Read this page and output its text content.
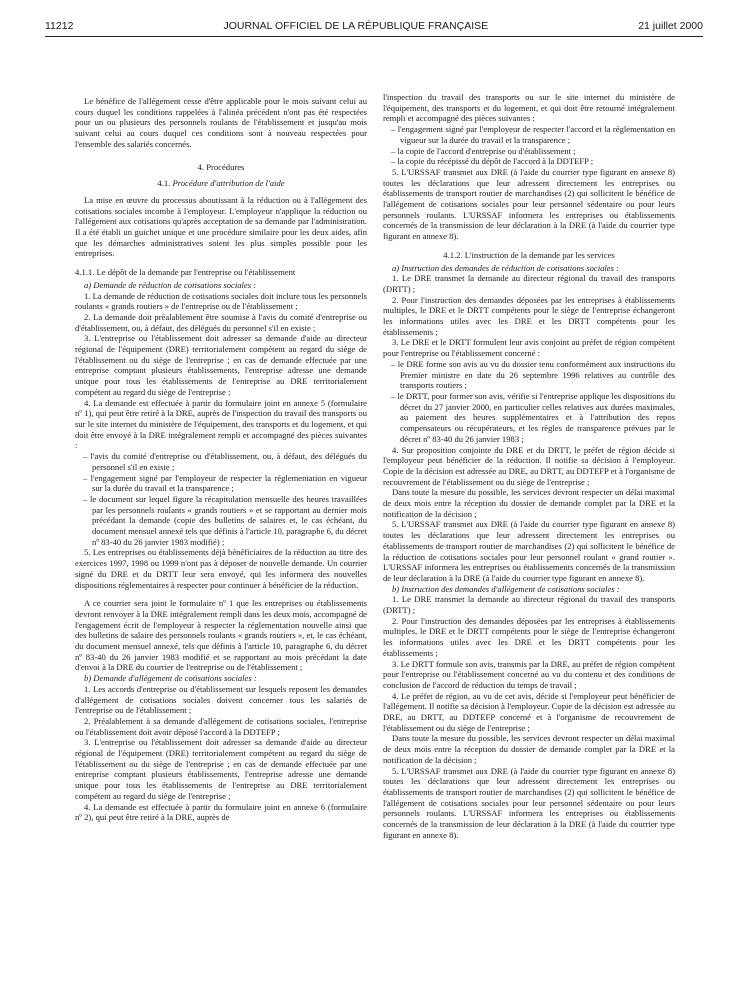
11212	JOURNAL OFFICIEL DE LA RÉPUBLIQUE FRANÇAISE	21 juillet 2000

Le bénéfice de l'allégement cesse d'être applicable pour le mois suivant celui au cours duquel les conditions rappelées à l'alinéa précédent n'ont pas été respectées pour un ou plusieurs des personnels roulants de l'établissement et jusqu'au mois suivant celui au cours duquel ces conditions sont à nouveau respectées pour l'ensemble des salariés concernés.

4. Procédures

4.1. Procédure d'attribution de l'aide

La mise en œuvre du processus aboutissant à la réduction ou à l'allégement des cotisations sociales incombe à l'employeur. L'employeur n'applique la réduction ou l'allégement aux cotisations qu'après acceptation de sa demande par l'administration. Il a été établi un guichet unique et une procédure similaire pour les deux aides, afin que les démarches administratives soient les plus simples possible pour les entreprises.

4.1.1. Le dépôt de la demande par l'entreprise ou l'établissement

a) Demande de réduction de cotisations sociales :

1. La demande de réduction de cotisations sociales doit inclure tous les personnels roulants « grands routiers » de l'entreprise ou de l'établissement ;

2. La demande doit préalablement être soumise à l'avis du comité d'entreprise ou d'établissement, ou, à défaut, des délégués du personnel s'il en existe ;

3. L'entreprise ou l'établissement doit adresser sa demande d'aide au directeur régional de l'équipement (DRE) territorialement compétent au regard du siège de l'établissement ou du siège de l'entreprise ; en cas de demande effectuée par une entreprise comptant plusieurs établissements, l'entreprise adresse une demande unique pour tous les établissements de l'entreprise au DRE territorialement compétent au regard du siège de l'entreprise ;

4. La demande est effectuée à partir du formulaire joint en annexe 5 (formulaire nº 1), qui peut être retiré à la DRE, auprès de l'inspection du travail des transports ou sur le site internet du ministère de l'équipement, des transports et du logement, et qui doit être envoyé à la DRE intégralement rempli et accompagné des pièces suivantes :

– l'avis du comité d'entreprise ou d'établissement, ou, à défaut, des délégués du personnel s'il en existe ;
– l'engagement signé par l'employeur de respecter la réglementation en vigueur sur la durée du travail et la transparence ;
– le document sur lequel figure la récapitulation mensuelle des heures travaillées par les personnels roulants « grands routiers » et se rapportant au dernier mois précédant la demande (copie des bulletins de salaires et, le cas échéant, du document mensuel annexé tels que définis à l'article 10, paragraphe 6, du décret nº 83-40 du 26 janvier 1983 modifié) ;

5. Les entreprises ou établissements déjà bénéficiaires de la réduction au titre des exercices 1997, 1998 ou 1999 n'ont pas à déposer de nouvelle demande. Un courrier signé du DRE et du DRTT leur sera envoyé, qui les informera des nouvelles dispositions réglementaires à respecter pour continuer à bénéficier de la réduction.

A ce courrier sera joint le formulaire nº 1 que les entreprises ou établissements devront renvoyer à la DRE intégralement rempli dans les deux mois, accompagné de l'engagement écrit de l'employeur à respecter la réglementation nouvelle ainsi que des bulletins de salaire des personnels roulants « grands routiers », et, le cas échéant, du document mensuel annexé, tels que définis à l'article 10, paragraphe 6, du décret nº 83-40 du 26 janvier 1983 modifié et se rapportant au mois précédant la date d'envoi à la DRE du courrier de l'entreprise ou de l'établissement ;

b) Demande d'allégement de cotisations sociales :

1. Les accords d'entreprise ou d'établissement sur lesquels reposent les demandes d'allégement de cotisations sociales doivent concerner tous les salariés de l'entreprise ou de l'établissement ;

2. Préalablement à sa demande d'allégement de cotisations sociales, l'entreprise ou l'établissement doit avoir déposé l'accord à la DDTEFP ;

3. L'entreprise ou l'établissement doit adresser sa demande d'aide au directeur régional de l'équipement (DRE) territorialement compétent au regard du siège de l'établissement ou du siège de l'entreprise ; en cas de demande effectuée par une entreprise comptant plusieurs établissements, l'entreprise adresse une demande unique pour tous les établissements de l'entreprise au DRE territorialement compétent au regard du siège de l'entreprise ;

4. La demande est effectuée à partir du formulaire joint en annexe 6 (formulaire nº 2), qui peut être retiré à la DRE, auprès de

l'inspection du travail des transports ou sur le site internet du ministère de l'équipement, des transports et du logement, et qui doit être retourné intégralement rempli et accompagné des pièces suivantes :

– l'engagement signé par l'employeur de respecter l'accord et la réglementation en vigueur sur la durée du travail et la transparence ;
– la copie de l'accord d'entreprise ou d'établissement ;
– la copie du récépissé du dépôt de l'accord à la DDTEFP ;

5. L'URSSAF transmet aux DRE (à l'aide du courrier type figurant en annexe 8) toutes les déclarations que leur adressent directement les entreprises ou établissements de transport routier de marchandises (2) qui sollicitent le bénéfice de l'allégement de cotisations sociales pour leur personnel sédentaire ou pour leurs personnels roulants. L'URSSAF informera les entreprises ou établissements concernés de la transmission de leur déclaration à la DRE (à l'aide du courrier type figurant en annexe 8).

4.1.2. L'instruction de la demande par les services

a) Instruction des demandes de réduction de cotisations sociales :

1. Le DRE transmet la demande au directeur régional du travail des transports (DRTT) ;

2. Pour l'instruction des demandes déposées par les entreprises à établissements multiples, le DRE et le DRTT compétents pour le siège de l'entreprise échangeront les informations utiles avec les DRE et les DRTT compétents pour les établissements ;

3. Le DRE et le DRTT formulent leur avis conjoint au préfet de région compétent pour l'entreprise ou l'établissement concerné :

– le DRE forme son avis au vu du dossier tenu conformément aux instructions du Premier ministre en date du 26 septembre 1996 relatives au contrôle des transports routiers ;
– le DRTT, pour former son avis, vérifie si l'entreprise applique les dispositions du décret du 27 janvier 2000, en particulier celles relatives aux durées maximales, au paiement des heures supplémentaires et à l'attribution des repos compensateurs ou récupérateurs, et les règles de transparence prévues par le décret nº 83-40 du 26 janvier 1983 ;

4. Sur proposition conjointe du DRE et du DRTT, le préfet de région décide si l'employeur peut bénéficier de la réduction. Il notifie sa décision à l'employeur. Copie de la décision est adressée au DRE, au DRTT, au DDTEFP et à l'organisme de recouvrement de l'établissement ou du siège de l'entreprise ;

Dans toute la mesure du possible, les services devront respecter un délai maximal de deux mois entre la réception du dossier de demande complet par la DRE et la notification de la décision ;

5. L'URSSAF transmet aux DRE (à l'aide du courrier type figurant en annexe 8) toutes les déclarations que leur adressent directement les entreprises ou établissements de transport routier de marchandises (2) qui sollicitent le bénéfice de la réduction de cotisations sociales pour leur personnel roulant « grand routier ». L'URSSAF informera les entreprises ou établissements concernés de la transmission de leur déclaration à la DRE (à l'aide du courrier type figurant en annexe 8).

b) Instruction des demandes d'allégement de cotisations sociales :

1. Le DRE transmet la demande au directeur régional du travail des transports (DRTT) ;

2. Pour l'instruction des demandes déposées par les entreprises à établissements multiples, le DRE et le DRTT compétents pour le siège de l'entreprise échangeront les informations utiles avec les DRE et les DRTT compétents pour les établissements ;

3. Le DRTT formule son avis, transmis par la DRE, au préfet de région compétent pour l'entreprise ou l'établissement concerné au vu du contenu et des conditions de conclusion de l'accord de réduction du temps de travail ;

4. Le préfet de région, au vu de cet avis, décide si l'employeur peut bénéficier de l'allégement. Il notifie sa décision à l'employeur. Copie de la décision est adressée au DRE, au DRTT, au DDTEFP concerné et à l'organisme de recouvrement de l'établissement ou du siège de l'entreprise ;

Dans toute la mesure du possible, les services devront respecter un délai maximal de deux mois entre la réception du dossier de demande complet par la DRE et la notification de la décision ;

5. L'URSSAF transmet aux DRE (à l'aide du courrier type figurant en annexe 8) toutes les déclarations que leur adressent directement les entreprises ou établissements de transport routier de marchandises (2) qui sollicitent le bénéfice de l'allégement de cotisations sociales pour leur personnel sédentaire ou pour leurs personnels roulants. L'URSSAF informera les entreprises ou établissements concernés de la transmission de leur déclaration à la DRE (à l'aide du courrier type figurant en annexe 8).
